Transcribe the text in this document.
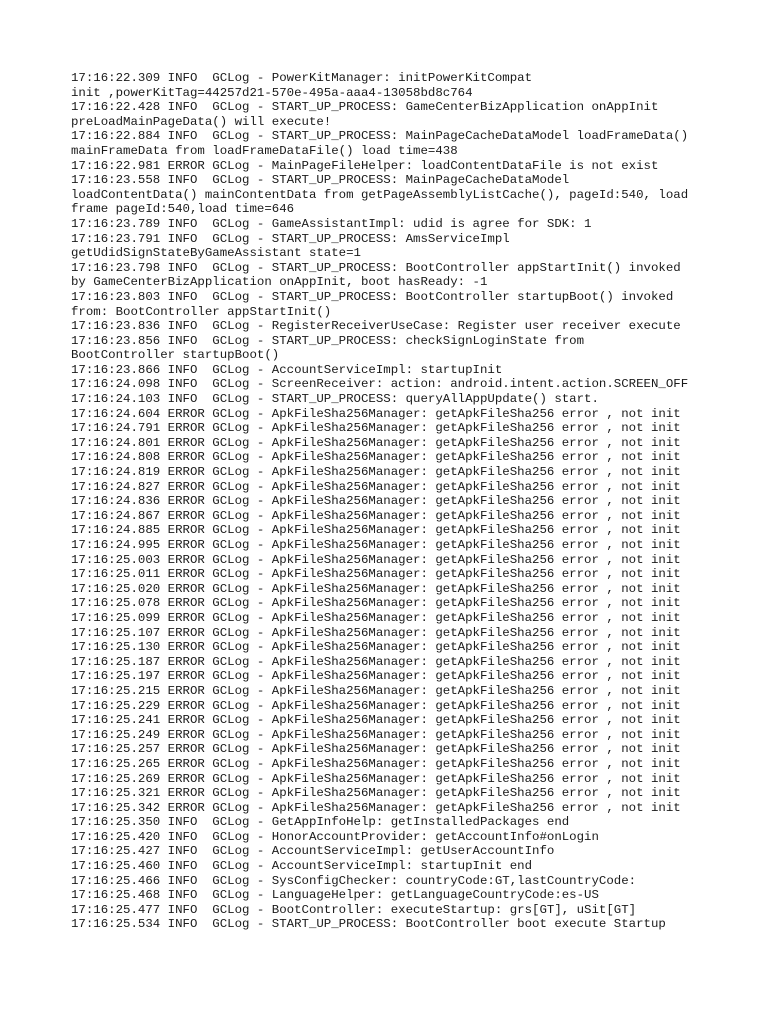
17:16:22.309 INFO  GCLog - PowerKitManager: initPowerKitCompat
init ,powerKitTag=44257d21-570e-495a-aaa4-13058bd8c764
17:16:22.428 INFO  GCLog - START_UP_PROCESS: GameCenterBizApplication onAppInit
preLoadMainPageData() will execute!
17:16:22.884 INFO  GCLog - START_UP_PROCESS: MainPageCacheDataModel loadFrameData()
mainFrameData from loadFrameDataFile() load time=438
17:16:22.981 ERROR GCLog - MainPageFileHelper: loadContentDataFile is not exist
17:16:23.558 INFO  GCLog - START_UP_PROCESS: MainPageCacheDataModel
loadContentData() mainContentData from getPageAssemblyListCache(), pageId:540, load
frame pageId:540,load time=646
17:16:23.789 INFO  GCLog - GameAssistantImpl: udid is agree for SDK: 1
17:16:23.791 INFO  GCLog - START_UP_PROCESS: AmsServiceImpl
getUdidSignStateByGameAssistant state=1
17:16:23.798 INFO  GCLog - START_UP_PROCESS: BootController appStartInit() invoked
by GameCenterBizApplication onAppInit, boot hasReady: -1
17:16:23.803 INFO  GCLog - START_UP_PROCESS: BootController startupBoot() invoked
from: BootController appStartInit()
17:16:23.836 INFO  GCLog - RegisterReceiverUseCase: Register user receiver execute
17:16:23.856 INFO  GCLog - START_UP_PROCESS: checkSignLoginState from
BootController startupBoot()
17:16:23.866 INFO  GCLog - AccountServiceImpl: startupInit
17:16:24.098 INFO  GCLog - ScreenReceiver: action: android.intent.action.SCREEN_OFF
17:16:24.103 INFO  GCLog - START_UP_PROCESS: queryAllAppUpdate() start.
17:16:24.604 ERROR GCLog - ApkFileSha256Manager: getApkFileSha256 error , not init
17:16:24.791 ERROR GCLog - ApkFileSha256Manager: getApkFileSha256 error , not init
17:16:24.801 ERROR GCLog - ApkFileSha256Manager: getApkFileSha256 error , not init
17:16:24.808 ERROR GCLog - ApkFileSha256Manager: getApkFileSha256 error , not init
17:16:24.819 ERROR GCLog - ApkFileSha256Manager: getApkFileSha256 error , not init
17:16:24.827 ERROR GCLog - ApkFileSha256Manager: getApkFileSha256 error , not init
17:16:24.836 ERROR GCLog - ApkFileSha256Manager: getApkFileSha256 error , not init
17:16:24.867 ERROR GCLog - ApkFileSha256Manager: getApkFileSha256 error , not init
17:16:24.885 ERROR GCLog - ApkFileSha256Manager: getApkFileSha256 error , not init
17:16:24.995 ERROR GCLog - ApkFileSha256Manager: getApkFileSha256 error , not init
17:16:25.003 ERROR GCLog - ApkFileSha256Manager: getApkFileSha256 error , not init
17:16:25.011 ERROR GCLog - ApkFileSha256Manager: getApkFileSha256 error , not init
17:16:25.020 ERROR GCLog - ApkFileSha256Manager: getApkFileSha256 error , not init
17:16:25.078 ERROR GCLog - ApkFileSha256Manager: getApkFileSha256 error , not init
17:16:25.099 ERROR GCLog - ApkFileSha256Manager: getApkFileSha256 error , not init
17:16:25.107 ERROR GCLog - ApkFileSha256Manager: getApkFileSha256 error , not init
17:16:25.130 ERROR GCLog - ApkFileSha256Manager: getApkFileSha256 error , not init
17:16:25.187 ERROR GCLog - ApkFileSha256Manager: getApkFileSha256 error , not init
17:16:25.197 ERROR GCLog - ApkFileSha256Manager: getApkFileSha256 error , not init
17:16:25.215 ERROR GCLog - ApkFileSha256Manager: getApkFileSha256 error , not init
17:16:25.229 ERROR GCLog - ApkFileSha256Manager: getApkFileSha256 error , not init
17:16:25.241 ERROR GCLog - ApkFileSha256Manager: getApkFileSha256 error , not init
17:16:25.249 ERROR GCLog - ApkFileSha256Manager: getApkFileSha256 error , not init
17:16:25.257 ERROR GCLog - ApkFileSha256Manager: getApkFileSha256 error , not init
17:16:25.265 ERROR GCLog - ApkFileSha256Manager: getApkFileSha256 error , not init
17:16:25.269 ERROR GCLog - ApkFileSha256Manager: getApkFileSha256 error , not init
17:16:25.321 ERROR GCLog - ApkFileSha256Manager: getApkFileSha256 error , not init
17:16:25.342 ERROR GCLog - ApkFileSha256Manager: getApkFileSha256 error , not init
17:16:25.350 INFO  GCLog - GetAppInfoHelp: getInstalledPackages end
17:16:25.420 INFO  GCLog - HonorAccountProvider: getAccountInfo#onLogin
17:16:25.427 INFO  GCLog - AccountServiceImpl: getUserAccountInfo
17:16:25.460 INFO  GCLog - AccountServiceImpl: startupInit end
17:16:25.466 INFO  GCLog - SysConfigChecker: countryCode:GT,lastCountryCode:
17:16:25.468 INFO  GCLog - LanguageHelper: getLanguageCountryCode:es-US
17:16:25.477 INFO  GCLog - BootController: executeStartup: grs[GT], uSit[GT]
17:16:25.534 INFO  GCLog - START_UP_PROCESS: BootController boot execute Startup
